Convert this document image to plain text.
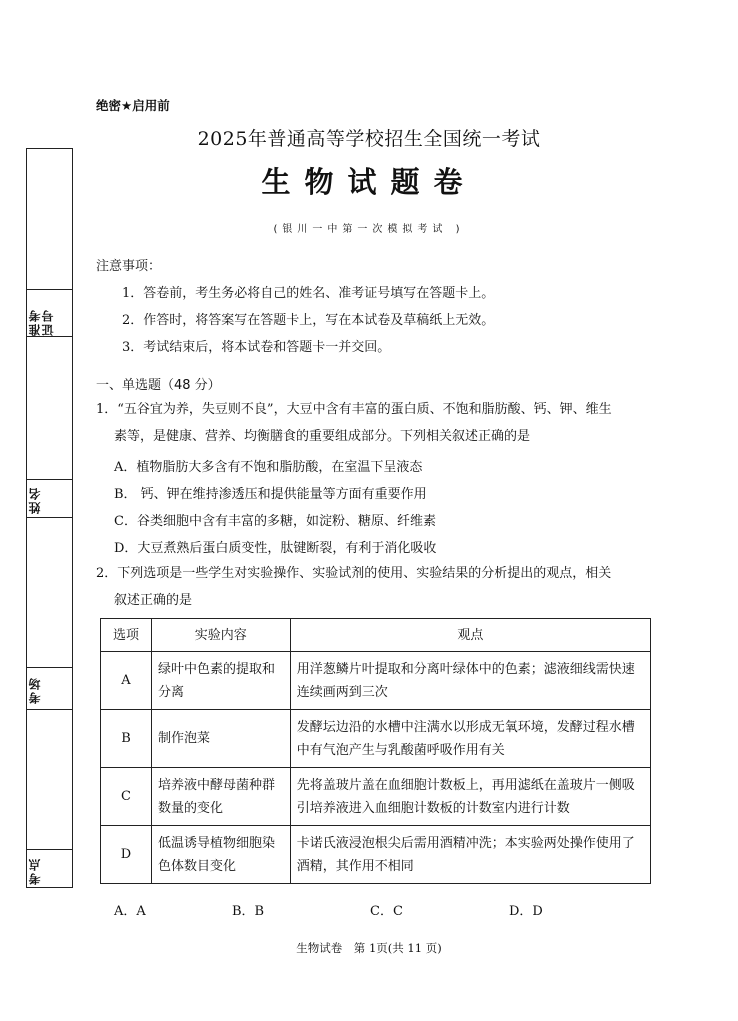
准考证号
姓名
考场
考点
绝密★启用前
2025年普通高等学校招生全国统一考试
生物试题卷
(银川一中第一次模拟考试 )
注意事项：
1．答卷前，考生务必将自己的姓名、准考证号填写在答题卡上。
2．作答时，将答案写在答题卡上，写在本试卷及草稿纸上无效。
3．考试结束后，将本试卷和答题卡一并交回。
一、单选题（48 分）
1．“五谷宜为养，失豆则不良”，大豆中含有丰富的蛋白质、不饱和脂肪酸、钙、钾、维生
素等，是健康、营养、均衡膳食的重要组成部分。下列相关叙述正确的是
A．植物脂肪大多含有不饱和脂肪酸，在室温下呈液态
B． 钙、钾在维持渗透压和提供能量等方面有重要作用
C．谷类细胞中含有丰富的多糖，如淀粉、糖原、纤维素
D．大豆煮熟后蛋白质变性，肽键断裂，有利于消化吸收
2．下列选项是一些学生对实验操作、实验试剂的使用、实验结果的分析提出的观点，相关
叙述正确的是
选项	实验内容	观点
A	绿叶中色素的提取和分离	用洋葱鳞片叶提取和分离叶绿体中的色素；滤液细线需快速连续画两到三次
B	制作泡菜	发酵坛边沿的水槽中注满水以形成无氧环境，发酵过程水槽中有气泡产生与乳酸菌呼吸作用有关
C	培养液中酵母菌种群数量的变化	先将盖玻片盖在血细胞计数板上，再用滤纸在盖玻片一侧吸引培养液进入血细胞计数板的计数室内进行计数
D	低温诱导植物细胞染色体数目变化	卡诺氏液浸泡根尖后需用酒精冲洗；本实验两处操作使用了酒精，其作用不相同
A．A	B．B	C．C	D．D
生物试卷　第 1页(共 11 页)
